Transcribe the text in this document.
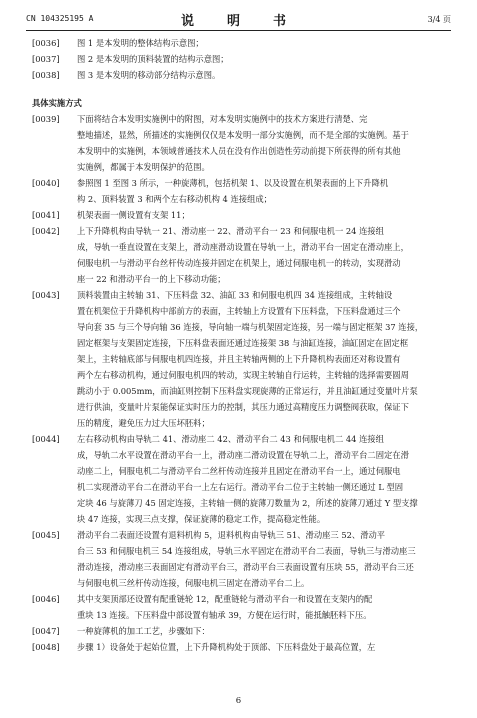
CN 104325195 A	说　明　书	3/4 页
[0036] 图 1 是本发明的整体结构示意图；
[0037] 图 2 是本发明的顶料装置的结构示意图；
[0038] 图 3 是本发明的移动部分结构示意图。
具体实施方式
[0039] 下面将结合本发明实施例中的附图，对本发明实施例中的技术方案进行清楚、完
整地描述，显然，所描述的实施例仅仅是本发明一部分实施例，而不是全部的实施例。基于
本发明中的实施例，本领域普通技术人员在没有作出创造性劳动前提下所获得的所有其他
实施例，都属于本发明保护的范围。
[0040] 参照图 1 至图 3 所示，一种旋薄机，包括机架 1、以及设置在机架表面的上下升降机
构 2、顶料装置 3 和两个左右移动机构 4 连接组成；
[0041] 机架表面一侧设置有支架 11；
[0042] 上下升降机构由导轨一 21、滑动座一 22、滑动平台一 23 和伺服电机一 24 连接组
成，导轨一垂直设置在支架上，滑动座滑动设置在导轨一上，滑动平台一固定在滑动座上，
伺服电机一与滑动平台丝杆传动连接并固定在机架上，通过伺服电机一的转动，实现滑动
座一 22 和滑动平台一的上下移动功能；
[0043] 顶料装置由主转轴 31、下压料盘 32、油缸 33 和伺服电机四 34 连接组成，主转轴设
置在机架位于升降机构中部前方的表面，主转轴上方设置有下压料盘，下压料盘通过三个
导向套 35 与三个导向轴 36 连接，导向轴一端与机架固定连接，另一端与固定框架 37 连接，
固定框架与支架固定连接，下压料盘表面还通过连接架 38 与油缸连接，油缸固定在固定框
架上，主转轴底部与伺服电机四连接，并且主转轴两侧的上下升降机构表面还对称设置有
两个左右移动机构，通过伺服电机四的转动，实现主转轴自行运转，主转轴的选择需要圆周
跳动小于 0.005mm，而油缸则控制下压料盘实现旋薄的正常运行，并且油缸通过变量叶片泵
进行供油，变量叶片泵能保证实时压力的控制，其压力通过高精度压力调整阀获取，保证下
压的精度，避免压力过大压坏胚料；
[0044] 左右移动机构由导轨二 41、滑动座二 42、滑动平台二 43 和伺服电机二 44 连接组
成，导轨二水平设置在滑动平台一上，滑动座二滑动设置在导轨二上，滑动平台二固定在滑
动座二上，伺服电机二与滑动平台二丝杆传动连接并且固定在滑动平台一上，通过伺服电
机二实现滑动平台二在滑动平台一上左右运行。滑动平台二位于主转轴一侧还通过 L 型固
定块 46 与旋薄刀 45 固定连接，主转轴一侧的旋薄刀数量为 2，所述的旋薄刀通过 Y 型支撑
块 47 连接，实现三点支撑，保证旋薄的稳定工作，提高稳定性能。
[0045] 滑动平台二表面还设置有退料机构 5，退料机构由导轨三 51、滑动座三 52、滑动平
台三 53 和伺服电机三 54 连接组成，导轨三水平固定在滑动平台二表面，导轨三与滑动座三
滑动连接，滑动座三表面固定有滑动平台三，滑动平台三表面设置有压块 55，滑动平台三还
与伺服电机三丝杆传动连接，伺服电机三固定在滑动平台二上。
[0046] 其中支架顶部还设置有配重链轮 12，配重链轮与滑动平台一和设置在支架内的配
重块 13 连接。下压料盘中部设置有轴承 39，方便在运行时，能抵触胚料下压。
[0047] 一种旋薄机的加工工艺，步骤如下：
[0048] 步骤 1）设备处于起始位置，上下升降机构处于顶部、下压料盘处于最高位置，左
6
